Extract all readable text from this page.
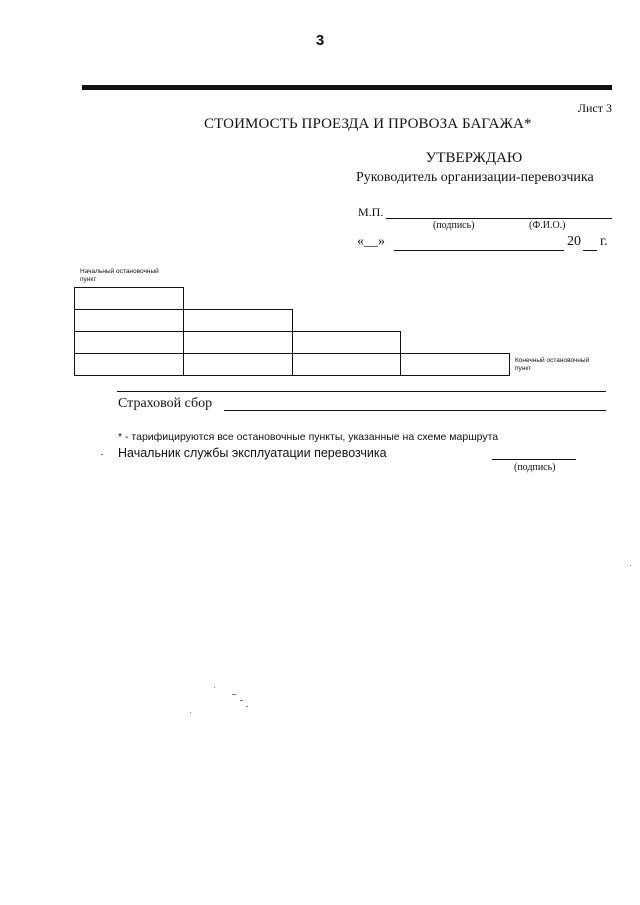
3
Лист 3
СТОИМОСТЬ ПРОЕЗДА И ПРОВОЗА БАГАЖА*
УТВЕРЖДАЮ
Руководитель организации-перевозчика
М.П.
(подпись)	(Ф.И.О.)
«__»	20 г.
Начальный остановочный пункт
Конечный остановочный пункт
Страховой сбор
* - тарифицируются все остановочные пункты, указанные на схеме маршрута
Начальник службы эксплуатации перевозчика
(подпись)
